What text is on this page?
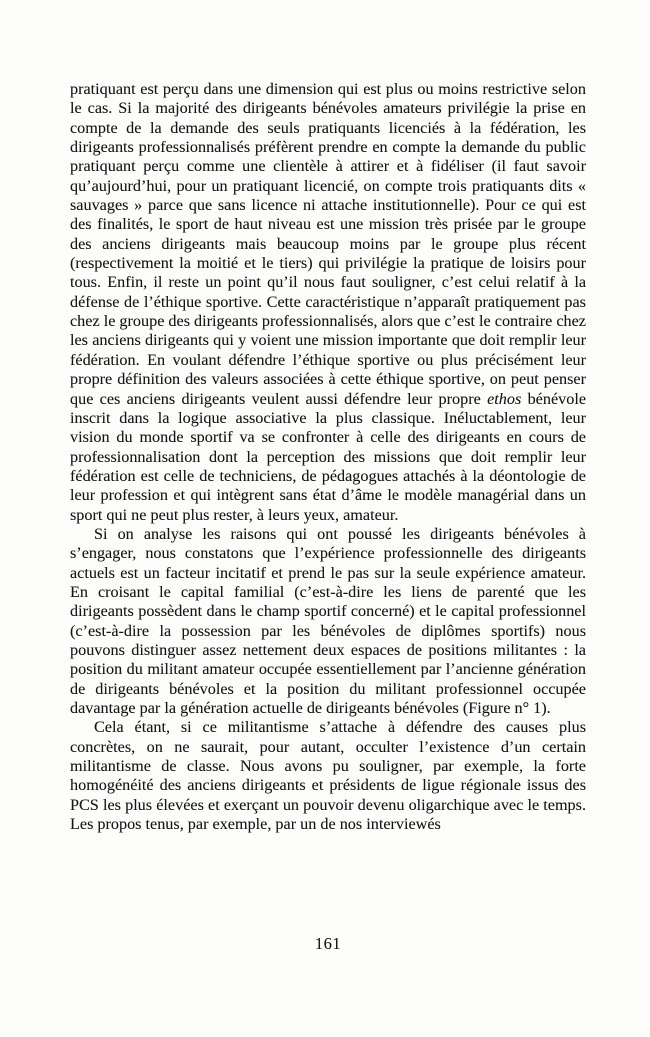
pratiquant est perçu dans une dimension qui est plus ou moins restrictive selon le cas. Si la majorité des dirigeants bénévoles amateurs privilégie la prise en compte de la demande des seuls pratiquants licenciés à la fédération, les dirigeants professionnalisés préfèrent prendre en compte la demande du public pratiquant perçu comme une clientèle à attirer et à fidéliser (il faut savoir qu’aujourd’hui, pour un pratiquant licencié, on compte trois pratiquants dits « sauvages » parce que sans licence ni attache institutionnelle). Pour ce qui est des finalités, le sport de haut niveau est une mission très prisée par le groupe des anciens dirigeants mais beaucoup moins par le groupe plus récent (respectivement la moitié et le tiers) qui privilégie la pratique de loisirs pour tous. Enfin, il reste un point qu’il nous faut souligner, c’est celui relatif à la défense de l’éthique sportive. Cette caractéristique n’apparaît pratiquement pas chez le groupe des dirigeants professionnalisés, alors que c’est le contraire chez les anciens dirigeants qui y voient une mission importante que doit remplir leur fédération. En voulant défendre l’éthique sportive ou plus précisément leur propre définition des valeurs associées à cette éthique sportive, on peut penser que ces anciens dirigeants veulent aussi défendre leur propre ethos bénévole inscrit dans la logique associative la plus classique. Inéluctablement, leur vision du monde sportif va se confronter à celle des dirigeants en cours de professionnalisation dont la perception des missions que doit remplir leur fédération est celle de techniciens, de pédagogues attachés à la déontologie de leur profession et qui intègrent sans état d’âme le modèle managérial dans un sport qui ne peut plus rester, à leurs yeux, amateur.

Si on analyse les raisons qui ont poussé les dirigeants bénévoles à s’engager, nous constatons que l’expérience professionnelle des dirigeants actuels est un facteur incitatif et prend le pas sur la seule expérience amateur. En croisant le capital familial (c’est-à-dire les liens de parenté que les dirigeants possèdent dans le champ sportif concerné) et le capital professionnel (c’est-à-dire la possession par les bénévoles de diplômes sportifs) nous pouvons distinguer assez nettement deux espaces de positions militantes : la position du militant amateur occupée essentiellement par l’ancienne génération de dirigeants bénévoles et la position du militant professionnel occupée davantage par la génération actuelle de dirigeants bénévoles (Figure n° 1).

Cela étant, si ce militantisme s’attache à défendre des causes plus concrètes, on ne saurait, pour autant, occulter l’existence d’un certain militantisme de classe. Nous avons pu souligner, par exemple, la forte homogénéité des anciens dirigeants et présidents de ligue régionale issus des PCS les plus élevées et exerçant un pouvoir devenu oligarchique avec le temps. Les propos tenus, par exemple, par un de nos interviewés

161
